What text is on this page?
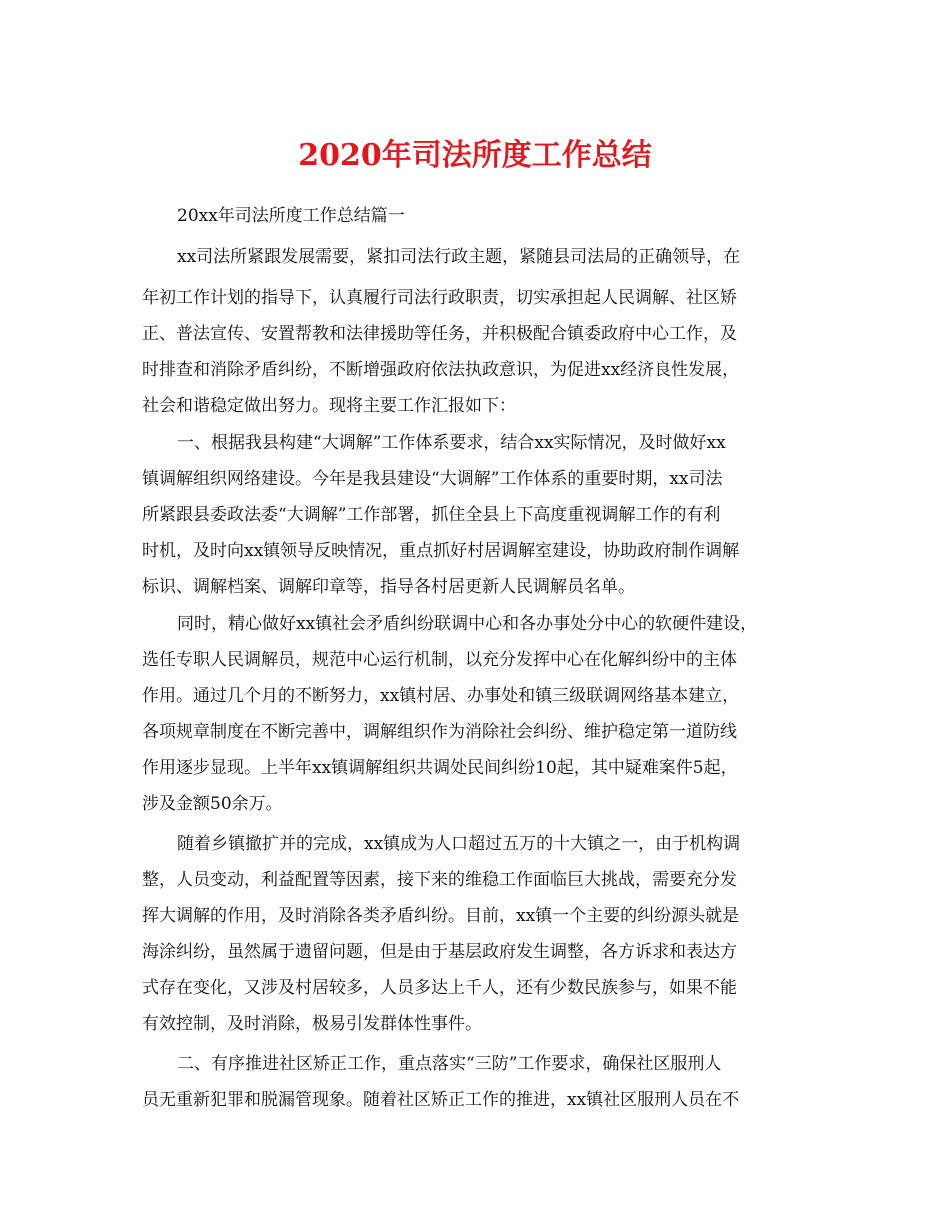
2020年司法所度工作总结

20xx年司法所度工作总结篇一

xx司法所紧跟发展需要，紧扣司法行政主题，紧随县司法局的正确领导，在

年初工作计划的指导下，认真履行司法行政职责，切实承担起人民调解、社区矫

正、普法宣传、安置帮教和法律援助等任务，并积极配合镇委政府中心工作，及

时排查和消除矛盾纠纷，不断增强政府依法执政意识，为促进xx经济良性发展，

社会和谐稳定做出努力。现将主要工作汇报如下：

一、根据我县构建“大调解”工作体系要求，结合xx实际情况，及时做好xx

镇调解组织网络建设。今年是我县建设“大调解”工作体系的重要时期，xx司法

所紧跟县委政法委“大调解”工作部署，抓住全县上下高度重视调解工作的有利

时机，及时向xx镇领导反映情况，重点抓好村居调解室建设，协助政府制作调解

标识、调解档案、调解印章等，指导各村居更新人民调解员名单。

同时，精心做好xx镇社会矛盾纠纷联调中心和各办事处分中心的软硬件建设，

选任专职人民调解员，规范中心运行机制，以充分发挥中心在化解纠纷中的主体

作用。通过几个月的不断努力，xx镇村居、办事处和镇三级联调网络基本建立，

各项规章制度在不断完善中，调解组织作为消除社会纠纷、维护稳定第一道防线

作用逐步显现。上半年xx镇调解组织共调处民间纠纷10起，其中疑难案件5起，

涉及金额50余万。

随着乡镇撤扩并的完成，xx镇成为人口超过五万的十大镇之一，由于机构调

整，人员变动，利益配置等因素，接下来的维稳工作面临巨大挑战，需要充分发

挥大调解的作用，及时消除各类矛盾纠纷。目前，xx镇一个主要的纠纷源头就是

海涂纠纷，虽然属于遗留问题，但是由于基层政府发生调整，各方诉求和表达方

式存在变化，又涉及村居较多，人员多达上千人，还有少数民族参与，如果不能

有效控制，及时消除，极易引发群体性事件。

二、有序推进社区矫正工作，重点落实“三防”工作要求，确保社区服刑人

员无重新犯罪和脱漏管现象。随着社区矫正工作的推进，xx镇社区服刑人员在不
